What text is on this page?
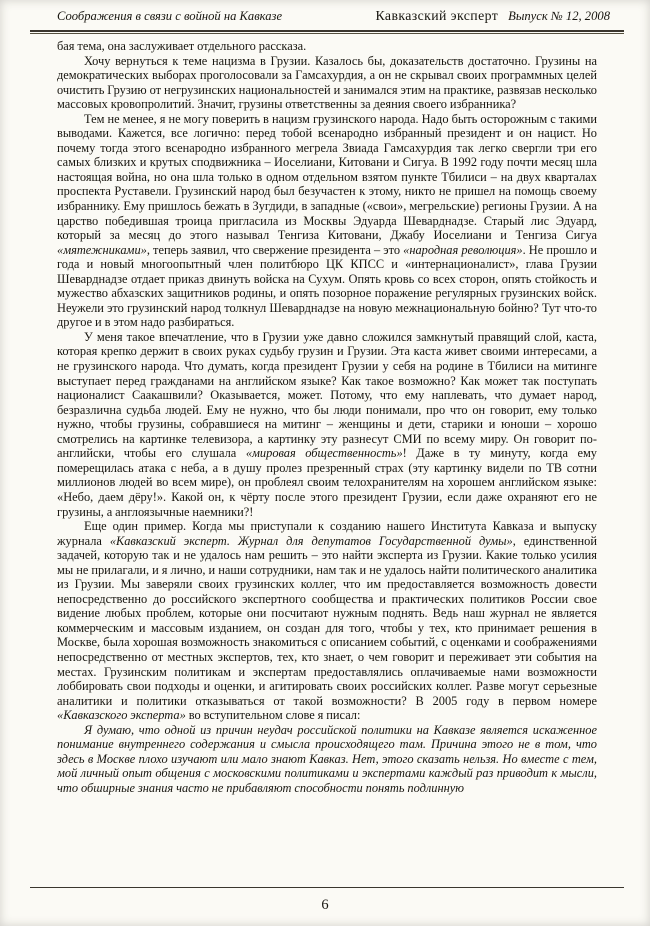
Соображения в связи с войной на Кавказе	Кавказский эксперт Выпуск № 12, 2008

бая тема, она заслуживает отдельного рассказа.

Хочу вернуться к теме нацизма в Грузии. Казалось бы, доказательств достаточно. Грузины на демократических выборах проголосовали за Гамсахурдия, а он не скрывал своих программных целей очистить Грузию от негрузинских национальностей и занимался этим на практике, развязав несколько массовых кровопролитий. Значит, грузины ответственны за деяния своего избранника?

Тем не менее, я не могу поверить в нацизм грузинского народа. Надо быть осторожным с такими выводами. Кажется, все логично: перед тобой всенародно избранный президент и он нацист. Но почему тогда этого всенародно избранного мегрела Звиада Гамсахурдия так легко свергли три его самых близких и крутых сподвижника – Иоселиани, Китовани и Сигуа. В 1992 году почти месяц шла настоящая война, но она шла только в одном отдельном взятом пункте Тбилиси – на двух кварталах проспекта Руставели. Грузинский народ был безучастен к этому, никто не пришел на помощь своему избраннику. Ему пришлось бежать в Зугдиди, в западные («свои», мегрельские) регионы Грузии. А на царство победившая троица пригласила из Москвы Эдуарда Шеварднадзе. Старый лис Эдуард, который за месяц до этого называл Тенгиза Китовани, Джабу Иоселиани и Тенгиза Сигуа «мятежниками», теперь заявил, что свержение президента – это «народная революция». Не прошло и года и новый многоопытный член политбюро ЦК КПСС и «интернационалист», глава Грузии Шеварднадзе отдает приказ двинуть войска на Сухум. Опять кровь со всех сторон, опять стойкость и мужество абхазских защитников родины, и опять позорное поражение регулярных грузинских войск. Неужели это грузинский народ толкнул Шеварднадзе на новую межнациональную бойню? Тут что-то другое и в этом надо разбираться.

У меня такое впечатление, что в Грузии уже давно сложился замкнутый правящий слой, каста, которая крепко держит в своих руках судьбу грузин и Грузии. Эта каста живет своими интересами, а не грузинского народа. Что думать, когда президент Грузии у себя на родине в Тбилиси на митинге выступает перед гражданами на английском языке? Как такое возможно? Как может так поступать националист Саакашвили? Оказывается, может. Потому, что ему наплевать, что думает народ, безразлична судьба людей. Ему не нужно, что бы люди понимали, про что он говорит, ему только нужно, чтобы грузины, собравшиеся на митинг – женщины и дети, старики и юноши – хорошо смотрелись на картинке телевизора, а картинку эту разнесут СМИ по всему миру. Он говорит по-английски, чтобы его слушала «мировая общественность»! Даже в ту минуту, когда ему померещилась атака с неба, а в душу пролез презренный страх (эту картинку видели по ТВ сотни миллионов людей во всем мире), он проблеял своим телохранителям на хорошем английском языке: «Небо, даем дёру!». Какой он, к чёрту после этого президент Грузии, если даже охраняют его не грузины, а англоязычные наемники?!

Еще один пример. Когда мы приступали к созданию нашего Института Кавказа и выпуску журнала «Кавказский эксперт. Журнал для депутатов Государственной думы», единственной задачей, которую так и не удалось нам решить – это найти эксперта из Грузии. Какие только усилия мы не прилагали, и я лично, и наши сотрудники, нам так и не удалось найти политического аналитика из Грузии. Мы заверяли своих грузинских коллег, что им предоставляется возможность довести непосредственно до российского экспертного сообщества и практических политиков России свое видение любых проблем, которые они посчитают нужным поднять. Ведь наш журнал не является коммерческим и массовым изданием, он создан для того, чтобы у тех, кто принимает решения в Москве, была хорошая возможность знакомиться с описанием событий, с оценками и соображениями непосредственно от местных экспертов, тех, кто знает, о чем говорит и переживает эти события на местах. Грузинским политикам и экспертам предоставлялись оплачиваемые нами возможности лоббировать свои подходы и оценки, и агитировать своих российских коллег. Разве могут серьезные аналитики и политики отказываться от такой возможности? В 2005 году в первом номере «Кавказского эксперта» во вступительном слове я писал:

Я думаю, что одной из причин неудач российской политики на Кавказе является искаженное понимание внутреннего содержания и смысла происходящего там. Причина этого не в том, что здесь в Москве плохо изучают или мало знают Кавказ. Нет, этого сказать нельзя. Но вместе с тем, мой личный опыт общения с московскими политиками и экспертами каждый раз приводит к мысли, что обширные знания часто не прибавляют способности понять подлинную

6
